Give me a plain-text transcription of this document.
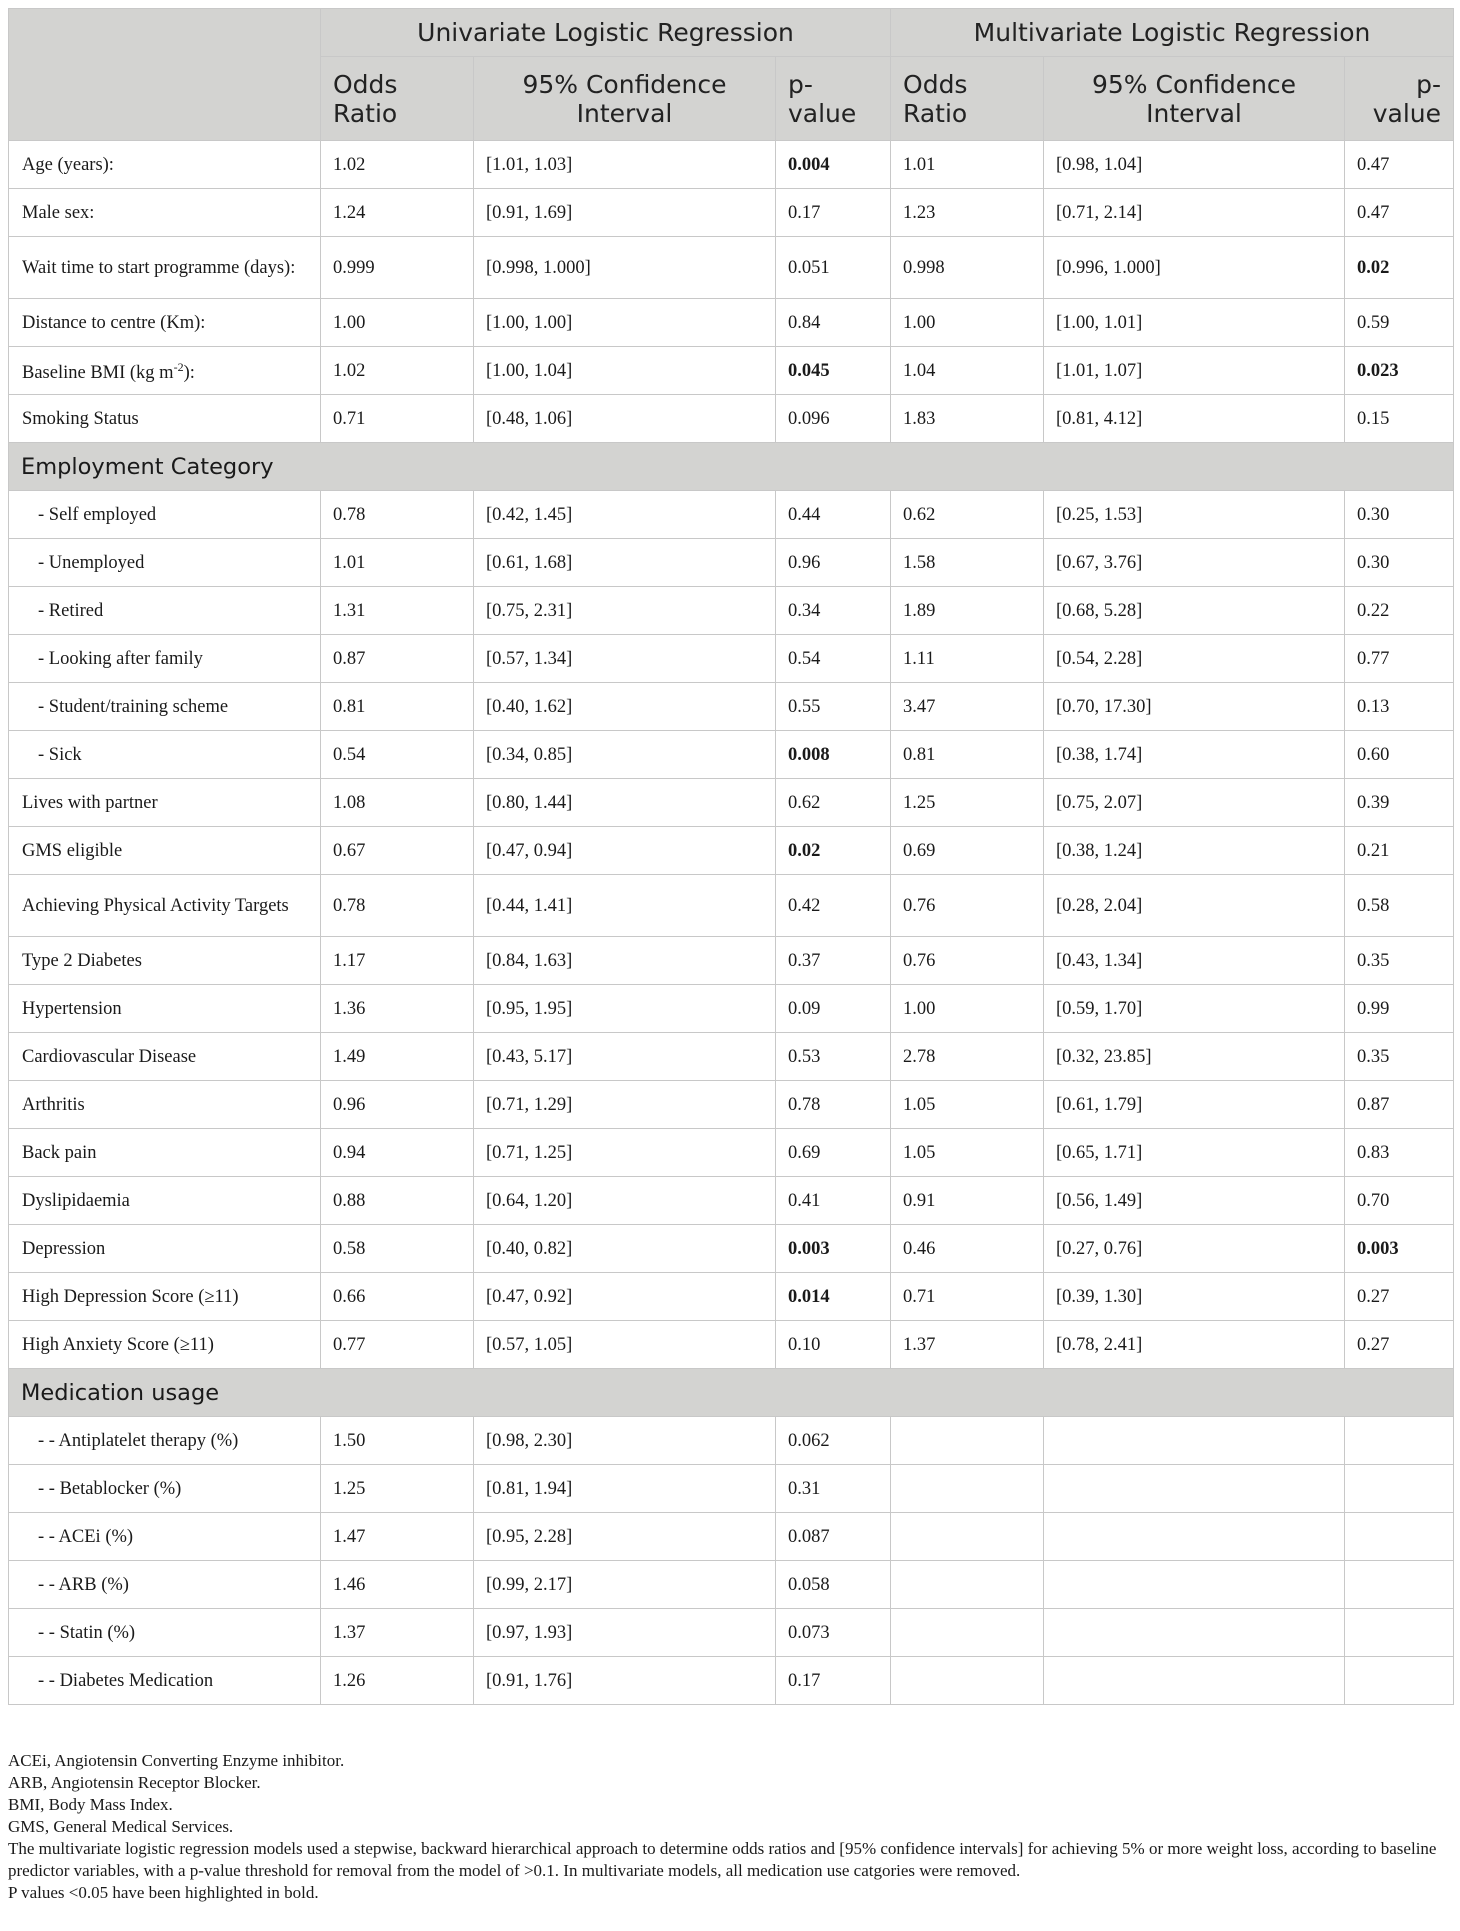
	Univariate Logistic Regression			Multivariate Logistic Regression		
	Odds Ratio	95% Confidence Interval	p-value	Odds Ratio	95% Confidence Interval	p-value
Age (years):	1.02	[1.01, 1.03]	0.004	1.01	[0.98, 1.04]	0.47
Male sex:	1.24	[0.91, 1.69]	0.17	1.23	[0.71, 2.14]	0.47
Wait time to start programme (days):	0.999	[0.998, 1.000]	0.051	0.998	[0.996, 1.000]	0.02
Distance to centre (Km):	1.00	[1.00, 1.00]	0.84	1.00	[1.00, 1.01]	0.59
Baseline BMI (kg $m^{-2}$):	1.02	[1.00, 1.04]	0.045	1.04	[1.01, 1.07]	0.023
Smoking Status	0.71	[0.48, 1.06]	0.096	1.83	[0.81, 4.12]	0.15
Employment Category						
- Self employed	0.78	[0.42, 1.45]	0.44	0.62	[0.25, 1.53]	0.30
- Unemployed	1.01	[0.61, 1.68]	0.96	1.58	[0.67, 3.76]	0.30
- Retired	1.31	[0.75, 2.31]	0.34	1.89	[0.68, 5.28]	0.22
- Looking after family	0.87	[0.57, 1.34]	0.54	1.11	[0.54, 2.28]	0.77
- Student/training scheme	0.81	[0.40, 1.62]	0.55	3.47	[0.70, 17.30]	0.13
- Sick	0.54	[0.34, 0.85]	0.008	0.81	[0.38, 1.74]	0.60
Lives with partner	1.08	[0.80, 1.44]	0.62	1.25	[0.75, 2.07]	0.39
GMS eligible	0.67	[0.47, 0.94]	0.02	0.69	[0.38, 1.24]	0.21
Achieving Physical Activity Targets	0.78	[0.44, 1.41]	0.42	0.76	[0.28, 2.04]	0.58
Type 2 Diabetes	1.17	[0.84, 1.63]	0.37	0.76	[0.43, 1.34]	0.35
Hypertension	1.36	[0.95, 1.95]	0.09	1.00	[0.59, 1.70]	0.99
Cardiovascular Disease	1.49	[0.43, 5.17]	0.53	2.78	[0.32, 23.85]	0.35
Arthritis	0.96	[0.71, 1.29]	0.78	1.05	[0.61, 1.79]	0.87
Back pain	0.94	[0.71, 1.25]	0.69	1.05	[0.65, 1.71]	0.83
Dyslipidaemia	0.88	[0.64, 1.20]	0.41	0.91	[0.56, 1.49]	0.70
Depression	0.58	[0.40, 0.82]	0.003	0.46	[0.27, 0.76]	0.003
High Depression Score (≥11)	0.66	[0.47, 0.92]	0.014	0.71	[0.39, 1.30]	0.27
High Anxiety Score (≥11)	0.77	[0.57, 1.05]	0.10	1.37	[0.78, 2.41]	0.27
Medication usage						
- - Antiplatelet therapy (%)	1.50	[0.98, 2.30]	0.062			
- - Betablocker (%)	1.25	[0.81, 1.94]	0.31			
- - ACEi (%)	1.47	[0.95, 2.28]	0.087			
- - ARB (%)	1.46	[0.99, 2.17]	0.058			
- - Statin (%)	1.37	[0.97, 1.93]	0.073			
- - Diabetes Medication	1.26	[0.91, 1.76]	0.17			

ACEi, Angiotensin Converting Enzyme inhibitor.

ARB, Angiotensin Receptor Blocker.

BMI, Body Mass Index.

GMS, General Medical Services.

The multivariate logistic regression models used a stepwise, backward hierarchical approach to determine odds ratios and [95% confidence intervals] for achieving 5% or more weight loss, according to baseline predictor variables, with a p-value threshold for removal from the model of >0.1. In multivariate models, all medication use catgories were removed.

P values <0.05 have been highlighted in bold.
